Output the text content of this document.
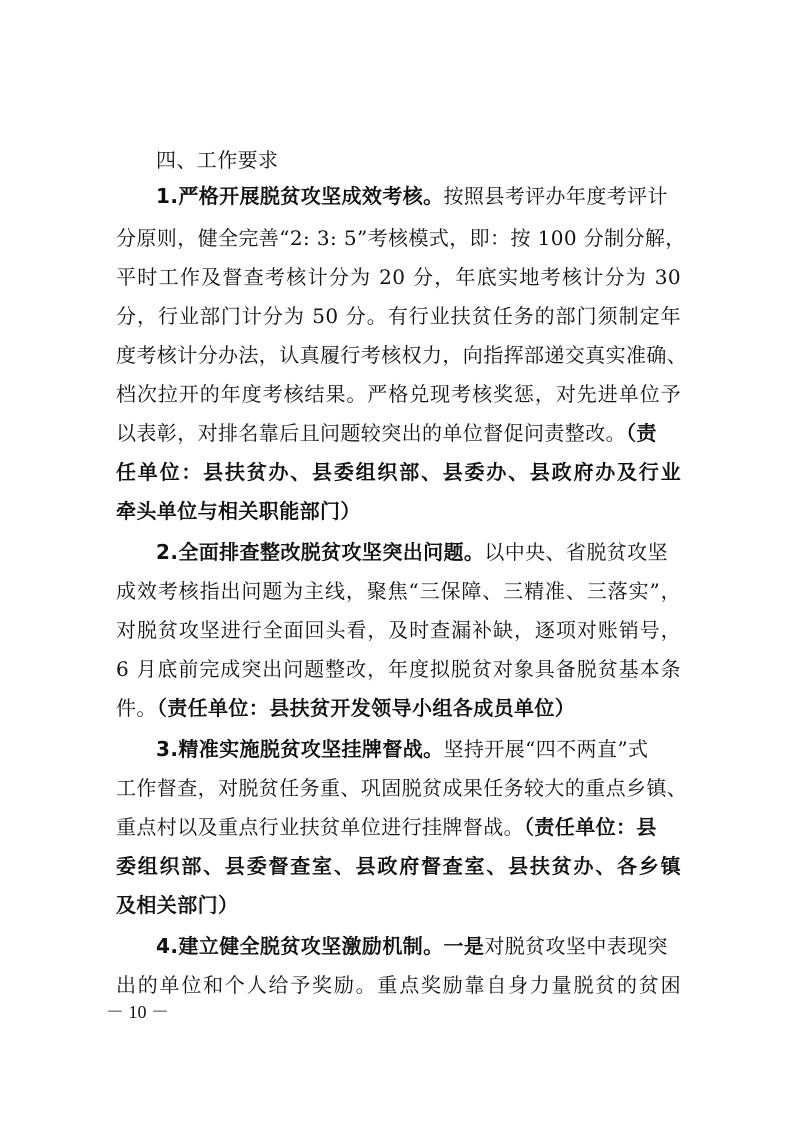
四、工作要求
1.严格开展脱贫攻坚成效考核。按照县考评办年度考评计
分原则，健全完善“2: 3: 5”考核模式，即：按 100 分制分解，
平时工作及督查考核计分为 20 分，年底实地考核计分为 30
分，行业部门计分为 50 分。有行业扶贫任务的部门须制定年
度考核计分办法，认真履行考核权力，向指挥部递交真实准确、
档次拉开的年度考核结果。严格兑现考核奖惩，对先进单位予
以表彰，对排名靠后且问题较突出的单位督促问责整改。（责
任单位：县扶贫办、县委组织部、县委办、县政府办及行业
牵头单位与相关职能部门）
2.全面排查整改脱贫攻坚突出问题。以中央、省脱贫攻坚
成效考核指出问题为主线，聚焦“三保障、三精准、三落实”，
对脱贫攻坚进行全面回头看，及时查漏补缺，逐项对账销号，
6 月底前完成突出问题整改，年度拟脱贫对象具备脱贫基本条
件。（责任单位：县扶贫开发领导小组各成员单位）
3.精准实施脱贫攻坚挂牌督战。坚持开展“四不两直”式
工作督查，对脱贫任务重、巩固脱贫成果任务较大的重点乡镇、
重点村以及重点行业扶贫单位进行挂牌督战。（责任单位：县
委组织部、县委督查室、县政府督查室、县扶贫办、各乡镇
及相关部门）
4.建立健全脱贫攻坚激励机制。一是对脱贫攻坚中表现突
出的单位和个人给予奖励。重点奖励靠自身力量脱贫的贫困
－ 10 －
